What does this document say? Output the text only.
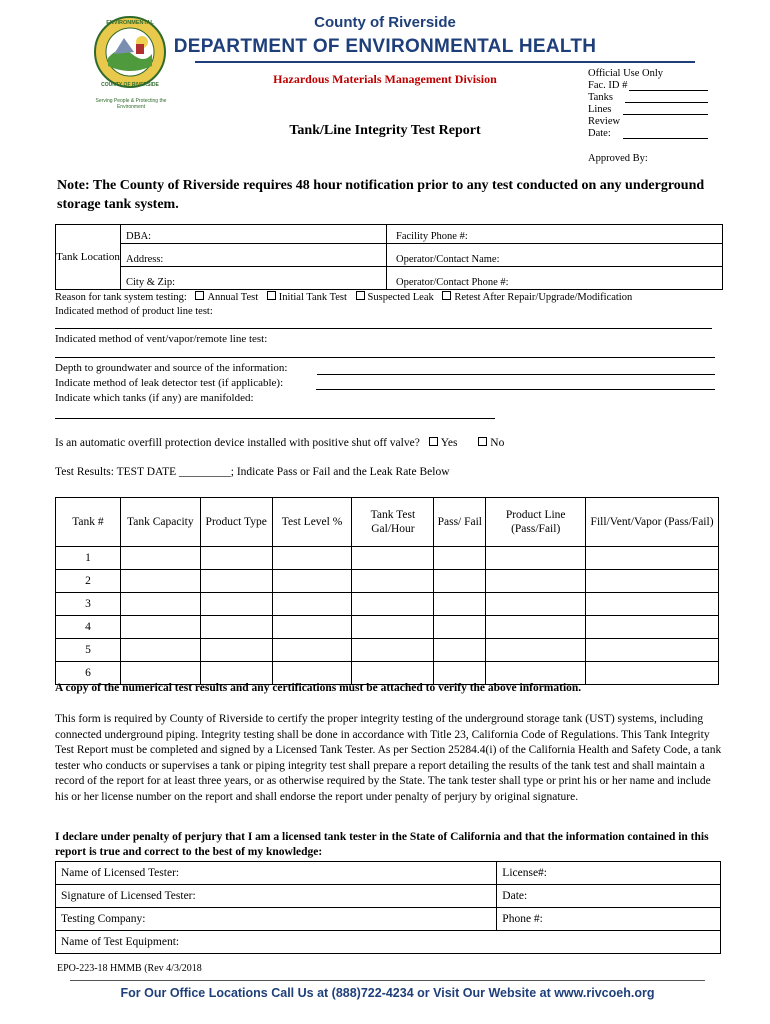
ENVIRONMENTAL
COUNTY OF RIVERSIDE
Serving People & Protecting the Environment
County of Riverside
DEPARTMENT OF ENVIRONMENTAL HEALTH
Hazardous Materials Management Division
Tank/Line Integrity Test Report
Official Use Only
Fac. ID #
Tanks
Lines
Review
Date:
Approved By:
Note: The County of Riverside requires 48 hour notification prior to any test conducted on any underground storage tank system.
Tank Location
DBA:	Facility Phone #:
Address:	Operator/Contact Name:
City & Zip:	Operator/Contact Phone #:
Reason for tank system testing: Annual Test Initial Tank Test Suspected Leak Retest After Repair/Upgrade/Modification
Indicated method of product line test:
Indicated method of vent/vapor/remote line test:
Depth to groundwater and source of the information:
Indicate method of leak detector test (if applicable):
Indicate which tanks (if any) are manifolded:
Is an automatic overfill protection device installed with positive shut off valve? Yes	No
Test Results: TEST DATE _________; Indicate Pass or Fail and the Leak Rate Below
Tank #	Tank Capacity	Product Type	Test Level %	Tank Test Gal/Hour	Pass/ Fail	Product Line (Pass/Fail)	Fill/Vent/Vapor (Pass/Fail)
1							
2							
3							
4							
5							
6							
A copy of the numerical test results and any certifications must be attached to verify the above information.
This form is required by County of Riverside to certify the proper integrity testing of the underground storage tank (UST) systems, including connected underground piping. Integrity testing shall be done in accordance with Title 23, California Code of Regulations. This Tank Integrity Test Report must be completed and signed by a Licensed Tank Tester. As per Section 25284.4(i) of the California Health and Safety Code, a tank tester who conducts or supervises a tank or piping integrity test shall prepare a report detailing the results of the tank test and shall maintain a record of the report for at least three years, or as otherwise required by the State. The tank tester shall type or print his or her name and include his or her license number on the report and shall endorse the report under penalty of perjury by original signature.
I declare under penalty of perjury that I am a licensed tank tester in the State of California and that the information contained in this report is true and correct to the best of my knowledge:
Name of Licensed Tester:	License#:
Signature of Licensed Tester:	Date:
Testing Company:	Phone #:
Name of Test Equipment:	
EPO-223-18 HMMB (Rev 4/3/2018
For Our Office Locations Call Us at (888)722-4234 or Visit Our Website at www.rivcoeh.org
